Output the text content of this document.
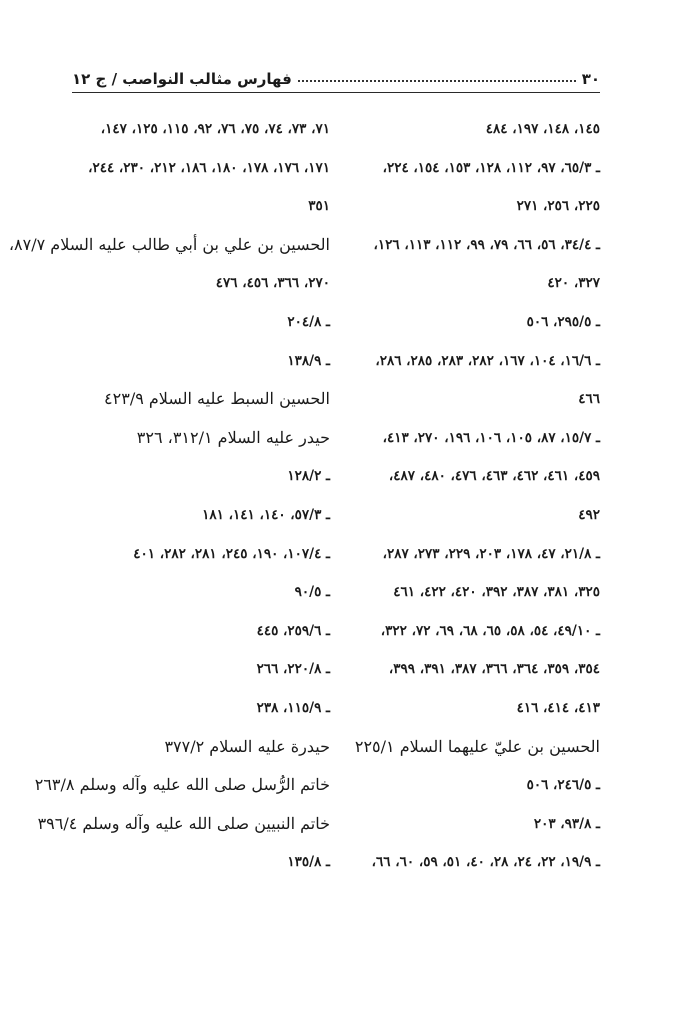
٣٠
فهارس مثالب النواصب / ج ١٢
١٤٥، ١٤٨، ١٩٧، ٤٨٤
ـ ٦٥/٣، ٩٧، ١١٢، ١٢٨، ١٥٣، ١٥٤، ٢٢٤،
٢٢٥، ٢٥٦، ٢٧١
ـ ٣٤/٤، ٥٦، ٦٦، ٧٩، ٩٩، ١١٢، ١١٣، ١٢٦،
٣٢٧، ٤٢٠
ـ ٢٩٥/٥، ٥٠٦
ـ ١٦/٦، ١٠٤، ١٦٧، ٢٨٢، ٢٨٣، ٢٨٥، ٢٨٦،
٤٦٦
ـ ١٥/٧، ٨٧، ١٠٥، ١٠٦، ١٩٦، ٢٧٠، ٤١٣،
٤٥٩، ٤٦١، ٤٦٢، ٤٦٣، ٤٧٦، ٤٨٠، ٤٨٧،
٤٩٢
ـ ٢١/٨، ٤٧، ١٧٨، ٢٠٣، ٢٢٩، ٢٧٣، ٢٨٧،
٣٢٥، ٣٨١، ٣٨٧، ٣٩٢، ٤٢٠، ٤٢٢، ٤٦١
ـ ٤٩/١٠، ٥٤، ٥٨، ٦٥، ٦٨، ٦٩، ٧٢، ٣٢٢،
٣٥٤، ٣٥٩، ٣٦٤، ٣٦٦، ٣٨٧، ٣٩١، ٣٩٩،
٤١٣، ٤١٤، ٤١٦
الحسين بن عليّ عليهما السلام ٢٢٥/١
ـ ٢٤٦/٥، ٥٠٦
ـ ٩٣/٨، ٢٠٣
ـ ١٩/٩، ٢٢، ٢٤، ٢٨، ٤٠، ٥١، ٥٩، ٦٠، ٦٦،
٧١، ٧٣، ٧٤، ٧٥، ٧٦، ٩٢، ١١٥، ١٢٥، ١٤٧،
١٧١، ١٧٦، ١٧٨، ١٨٠، ١٨٦، ٢١٢، ٢٣٠، ٢٤٤،
٣٥١
الحسين بن علي بن أبي طالب عليه السلام ٨٧/٧،
٢٧٠، ٣٦٦، ٤٥٦، ٤٧٦
ـ ٢٠٤/٨
ـ ١٣٨/٩
الحسين السبط عليه السلام ٤٢٣/٩
حيدر عليه السلام ٣١٢/١، ٣٢٦
ـ ١٢٨/٢
ـ ٥٧/٣، ١٤٠، ١٤١، ١٨١
ـ ١٠٧/٤، ١٩٠، ٢٤٥، ٢٨١، ٢٨٢، ٤٠١
ـ ٩٠/٥
ـ ٢٥٩/٦، ٤٤٥
ـ ٢٢٠/٨، ٢٦٦
ـ ١١٥/٩، ٢٣٨
حيدرة عليه السلام ٣٧٧/٢
خاتم الرُّسل صلى الله عليه وآله وسلم ٢٦٣/٨
خاتم النبيين صلى الله عليه وآله وسلم ٣٩٦/٤
ـ ١٣٥/٨
